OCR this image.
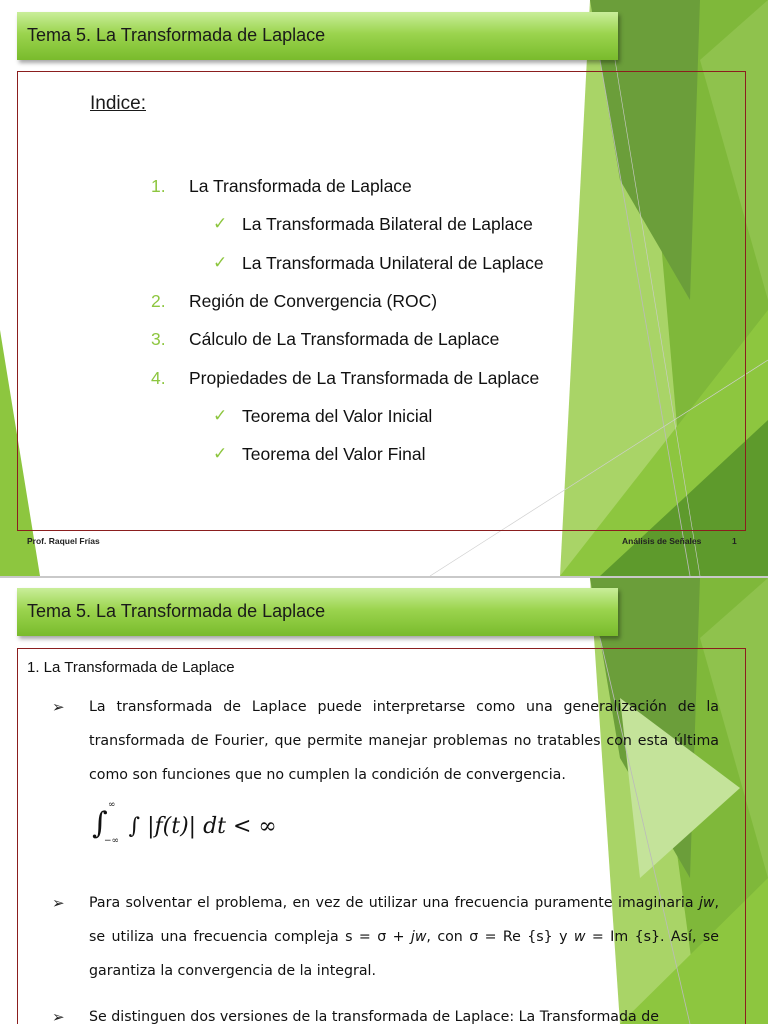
Tema 5. La Transformada de Laplace
Indice:
1. La Transformada de Laplace
✓ La Transformada Bilateral de Laplace
✓ La Transformada Unilateral de Laplace
2. Región de Convergencia (ROC)
3. Cálculo de La Transformada de Laplace
4. Propiedades de La Transformada de Laplace
✓ Teorema del Valor Inicial
✓ Teorema del Valor Final
Prof. Raquel Frías	Análisis de Señales	1
Tema 5. La Transformada de Laplace
1. La Transformada de Laplace
➢ La transformada de Laplace puede interpretarse como una generalización de la transformada de Fourier, que permite manejar problemas no tratables con esta última como son funciones que no cumplen la condición de convergencia.
∫
∞
−∞
∫ |f(t)| dt < ∞
➢ Para solventar el problema, en vez de utilizar una frecuencia puramente imaginaria jw, se utiliza una frecuencia compleja s = σ + jw, con σ = Re {s} y w = Im {s}. Así, se garantiza la convergencia de la integral.
➢ Se distinguen dos versiones de la transformada de Laplace: La Transformada de
